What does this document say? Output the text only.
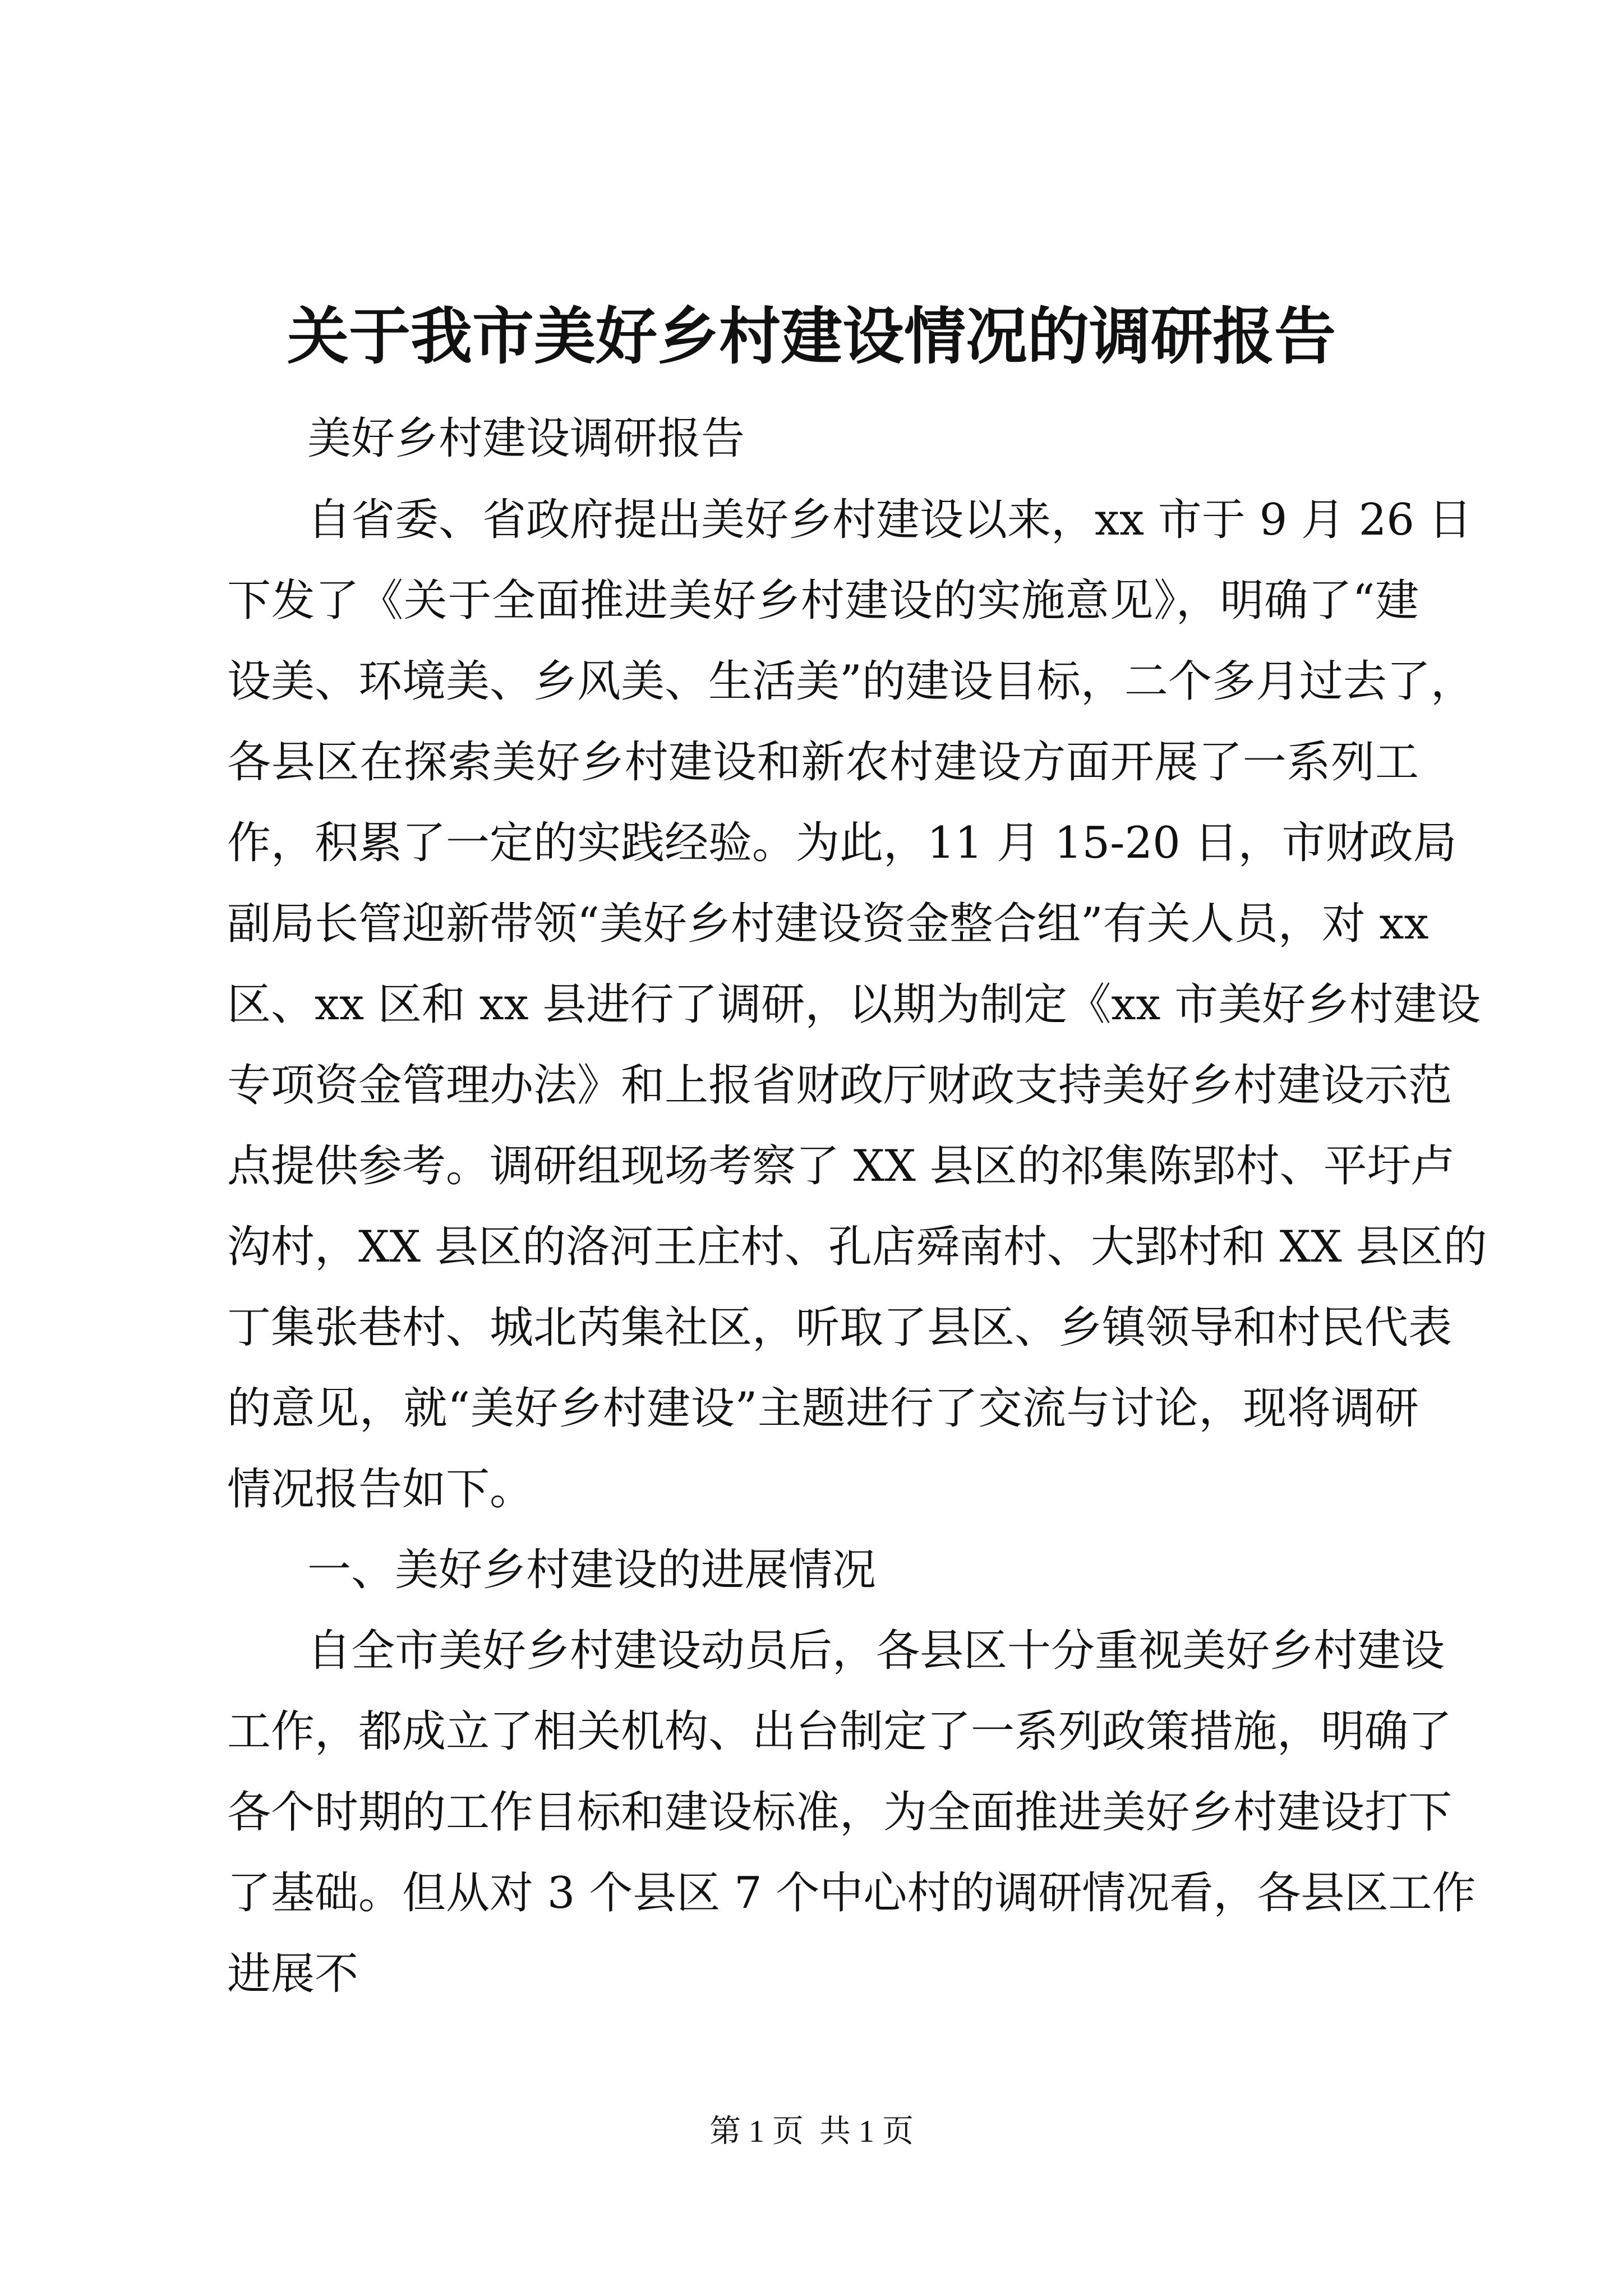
关于我市美好乡村建设情况的调研报告
美好乡村建设调研报告
自省委、省政府提出美好乡村建设以来，xx 市于 9 月 26 日
下发了《关于全面推进美好乡村建设的实施意见》，明确了“建
设美、环境美、乡风美、生活美”的建设目标，二个多月过去了，
各县区在探索美好乡村建设和新农村建设方面开展了一系列工
作，积累了一定的实践经验。为此，11 月 15-20 日，市财政局
副局长管迎新带领“美好乡村建设资金整合组”有关人员，对 xx
区、xx 区和 xx 县进行了调研，以期为制定《xx 市美好乡村建设
专项资金管理办法》和上报省财政厅财政支持美好乡村建设示范
点提供参考。调研组现场考察了 XX 县区的祁集陈郢村、平圩卢
沟村，XX 县区的洛河王庄村、孔店舜南村、大郢村和 XX 县区的
丁集张巷村、城北芮集社区，听取了县区、乡镇领导和村民代表
的意见，就“美好乡村建设”主题进行了交流与讨论，现将调研
情况报告如下。
一、美好乡村建设的进展情况
自全市美好乡村建设动员后，各县区十分重视美好乡村建设
工作，都成立了相关机构、出台制定了一系列政策措施，明确了
各个时期的工作目标和建设标准，为全面推进美好乡村建设打下
了基础。但从对 3 个县区 7 个中心村的调研情况看，各县区工作
进展不
第 1 页  共 1 页
